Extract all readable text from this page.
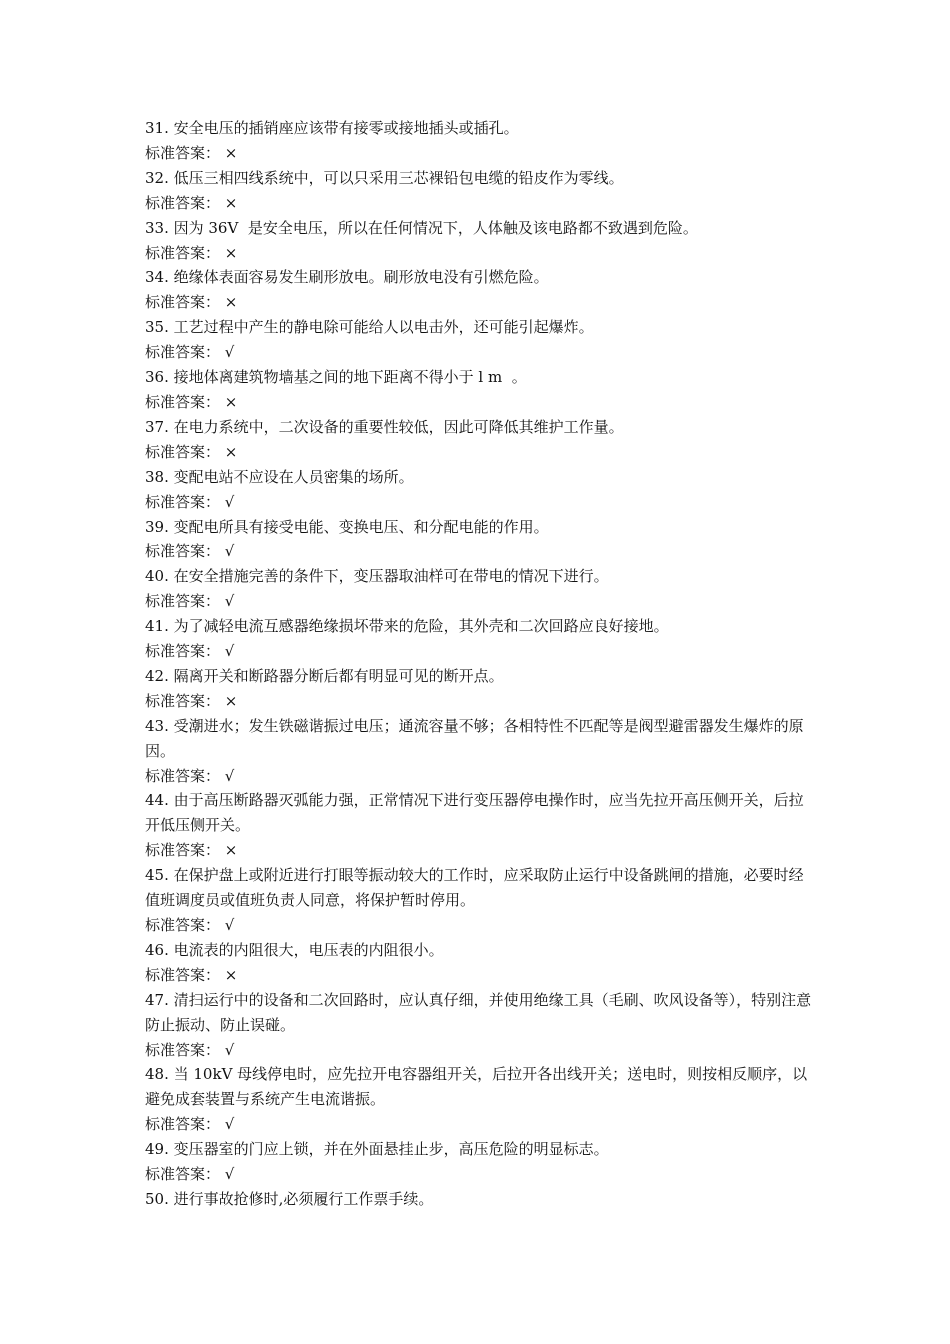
31. 安全电压的插销座应该带有接零或接地插头或插孔。
标准答案： ×
32. 低压三相四线系统中，可以只采用三芯裸铅包电缆的铅皮作为零线。
标准答案： ×
33. 因为 36V  是安全电压，所以在任何情况下，人体触及该电路都不致遇到危险。
标准答案： ×
34. 绝缘体表面容易发生刷形放电。刷形放电没有引燃危险。
标准答案： ×
35. 工艺过程中产生的静电除可能给人以电击外，还可能引起爆炸。
标准答案： √
36. 接地体离建筑物墙基之间的地下距离不得小于 l m  。
标准答案： ×
37. 在电力系统中，二次设备的重要性较低，因此可降低其维护工作量。
标准答案： ×
38. 变配电站不应设在人员密集的场所。
标准答案： √
39. 变配电所具有接受电能、变换电压、和分配电能的作用。
标准答案： √
40. 在安全措施完善的条件下，变压器取油样可在带电的情况下进行。
标准答案： √
41. 为了减轻电流互感器绝缘损坏带来的危险，其外壳和二次回路应良好接地。
标准答案： √
42. 隔离开关和断路器分断后都有明显可见的断开点。
标准答案： ×
43. 受潮进水；发生铁磁谐振过电压；通流容量不够；各相特性不匹配等是阀型避雷器发生爆炸的原因。
标准答案： √
44. 由于高压断路器灭弧能力强，正常情况下进行变压器停电操作时，应当先拉开高压侧开关，后拉开低压侧开关。
标准答案： ×
45. 在保护盘上或附近进行打眼等振动较大的工作时，应采取防止运行中设备跳闸的措施，必要时经值班调度员或值班负责人同意，将保护暂时停用。
标准答案： √
46. 电流表的内阻很大，电压表的内阻很小。
标准答案： ×
47. 清扫运行中的设备和二次回路时，应认真仔细，并使用绝缘工具（毛刷、吹风设备等），特别注意防止振动、防止误碰。
标准答案： √
48. 当 10kV 母线停电时，应先拉开电容器组开关，后拉开各出线开关；送电时，则按相反顺序，以避免成套装置与系统产生电流谐振。
标准答案： √
49. 变压器室的门应上锁，并在外面悬挂止步，高压危险的明显标志。
标准答案： √
50. 进行事故抢修时,必须履行工作票手续。
